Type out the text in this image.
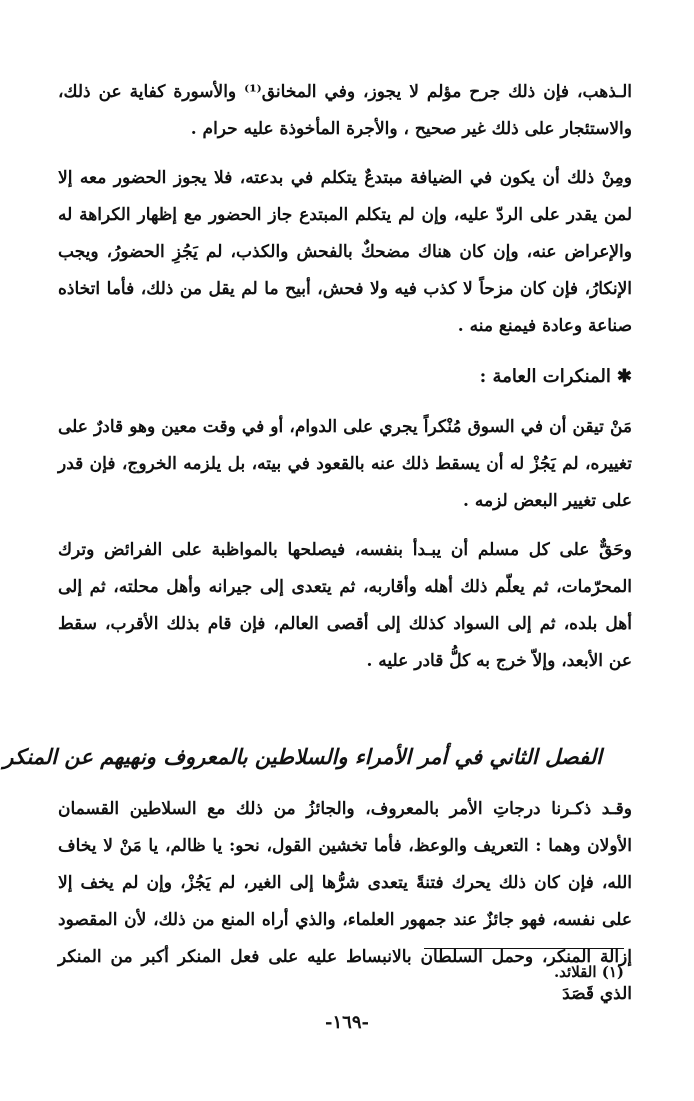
الـذهب، فإن ذلك جرح مؤلم لا يجوز، وفي المخانق⁽¹⁾ والأسورة كفاية عن ذلك، والاستئجار على ذلك غير صحيح ، والأجرة المأخوذة عليه حرام .

ومِنْ ذلك أن يكون في الضيافة مبتدعٌ يتكلم في بدعته، فلا يجوز الحضور معه إلا لمن يقدر على الردّ عليه، وإن لم يتكلم المبتدع جاز الحضور مع إظهار الكراهة له والإعراض عنه، وإن كان هناك مضحكٌ بالفحش والكذب، لم يَجُزِ الحضورُ، ويجب الإنكارُ، فإن كان مزحاً لا كذب فيه ولا فحش، أبيح ما لم يقل من ذلك، فأما اتخاذه صناعة وعادة فيمنع منه .

✱المنكرات العامة :

مَنْ تيقن أن في السوق مُنْكراً يجري على الدوام، أو في وقت معين وهو قادرٌ على تغييره، لم يَجُزْ له أن يسقط ذلك عنه بالقعود في بيته، بل يلزمه الخروج، فإن قدر على تغيير البعض لزمه .

وحَقٌّ على كل مسلم أن يبـدأ بنفسه، فيصلحها بالمواظبة على الفرائض وترك المحرّمات، ثم يعلّم ذلك أهله وأقاربه، ثم يتعدى إلى جيرانه وأهل محلته، ثم إلى أهل بلده، ثم إلى السواد كذلك إلى أقصى العالم، فإن قام بذلك الأقرب، سقط عن الأبعد، وإلاّ خرج به كلُّ قادر عليه .

الفصل الثاني في أمر الأمراء والسلاطين بالمعروف ونهيهم عن المنكر

وقـد ذكـرنا درجاتِ الأمر بالمعروف، والجائزُ من ذلك مع السلاطين القسمان الأولان وهما : التعريف والوعظ، فأما تخشين القول، نحو: يا ظالم، يا مَنْ لا يخاف الله، فإن كان ذلك يحرك فتنةً يتعدى شرُّها إلى الغير، لم يَجُزْ، وإن لم يخف إلا على نفسه، فهو جائزٌ عند جمهور العلماء، والذي أراه المنع من ذلك، لأن المقصود إزالة المنكر، وحمل السلطان بالانبساط عليه على فعل المنكر أكبر من المنكر الذي قَصَدَ

(١) القلائد.
-١٦٩-
